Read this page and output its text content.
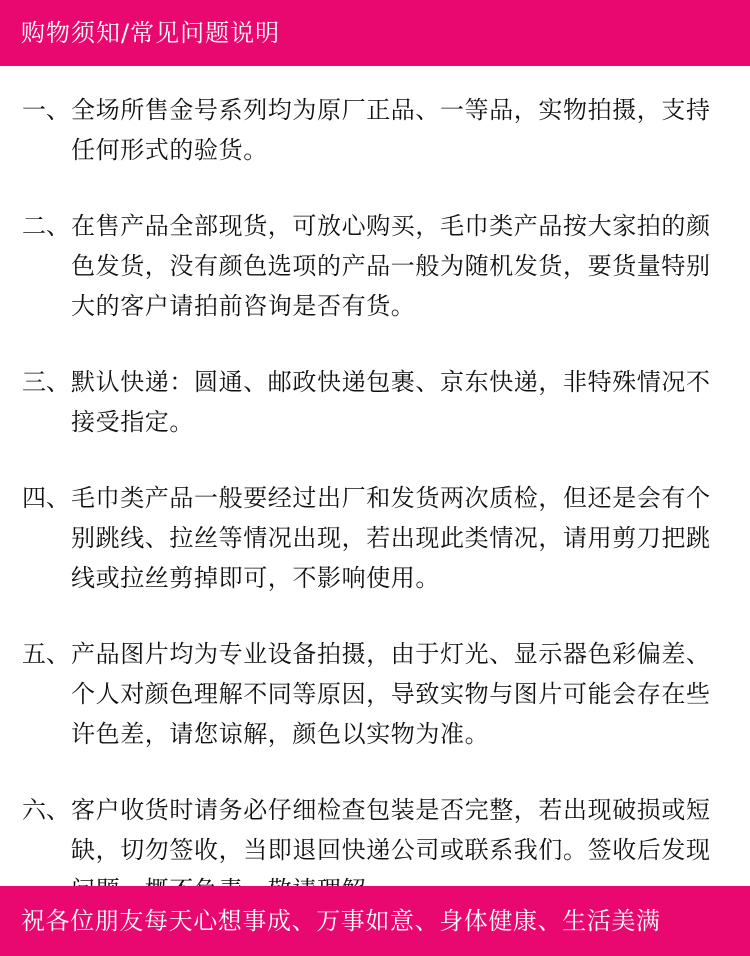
购物须知/常见问题说明
一、 全场所售金号系列均为原厂正品、一等品，实物拍摄，支持任何形式的验货。
二、 在售产品全部现货，可放心购买，毛巾类产品按大家拍的颜色发货，没有颜色选项的产品一般为随机发货，要货量特别大的客户请拍前咨询是否有货。
三、 默认快递：圆通、邮政快递包裹、京东快递，非特殊情况不接受指定。
四、 毛巾类产品一般要经过出厂和发货两次质检，但还是会有个别跳线、拉丝等情况出现，若出现此类情况，请用剪刀把跳线或拉丝剪掉即可，不影响使用。
五、 产品图片均为专业设备拍摄，由于灯光、显示器色彩偏差、个人对颜色理解不同等原因，导致实物与图片可能会存在些许色差，请您谅解，颜色以实物为准。
六、 客户收货时请务必仔细检查包装是否完整，若出现破损或短缺，切勿签收，当即退回快递公司或联系我们。签收后发现
祝各位朋友每天心想事成、万事如意、身体健康、生活美满
